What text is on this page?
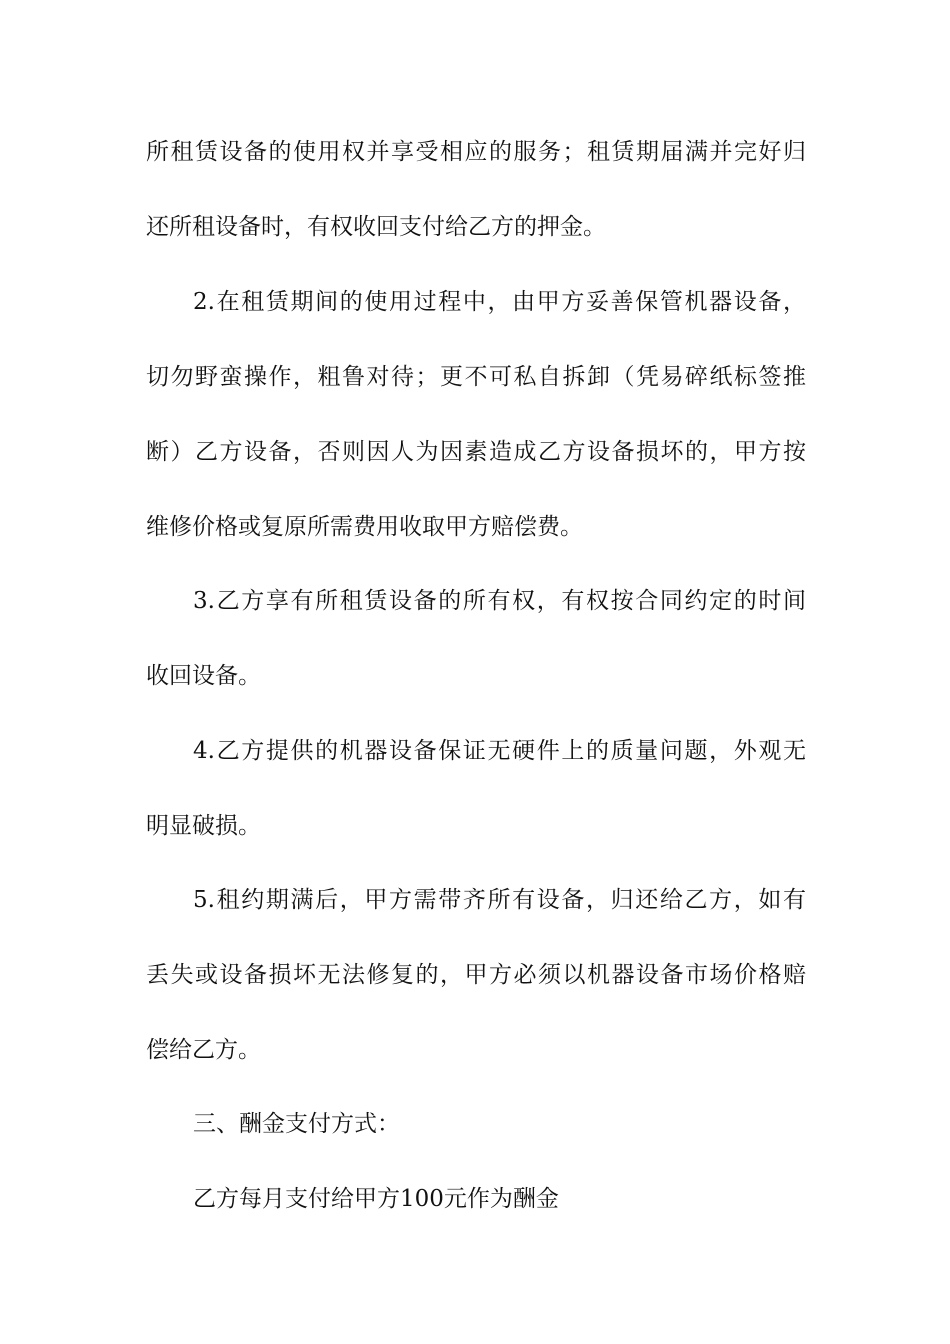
所租赁设备的使用权并享受相应的服务；租赁期届满并完好归
还所租设备时，有权收回支付给乙方的押金。
2.在租赁期间的使用过程中，由甲方妥善保管机器设备，
切勿野蛮操作，粗鲁对待；更不可私自拆卸（凭易碎纸标签推
断）乙方设备，否则因人为因素造成乙方设备损坏的，甲方按
维修价格或复原所需费用收取甲方赔偿费。
3.乙方享有所租赁设备的所有权，有权按合同约定的时间
收回设备。
4.乙方提供的机器设备保证无硬件上的质量问题，外观无
明显破损。
5.租约期满后，甲方需带齐所有设备，归还给乙方，如有
丢失或设备损坏无法修复的，甲方必须以机器设备市场价格赔
偿给乙方。
三、酬金支付方式：
乙方每月支付给甲方100元作为酬金
